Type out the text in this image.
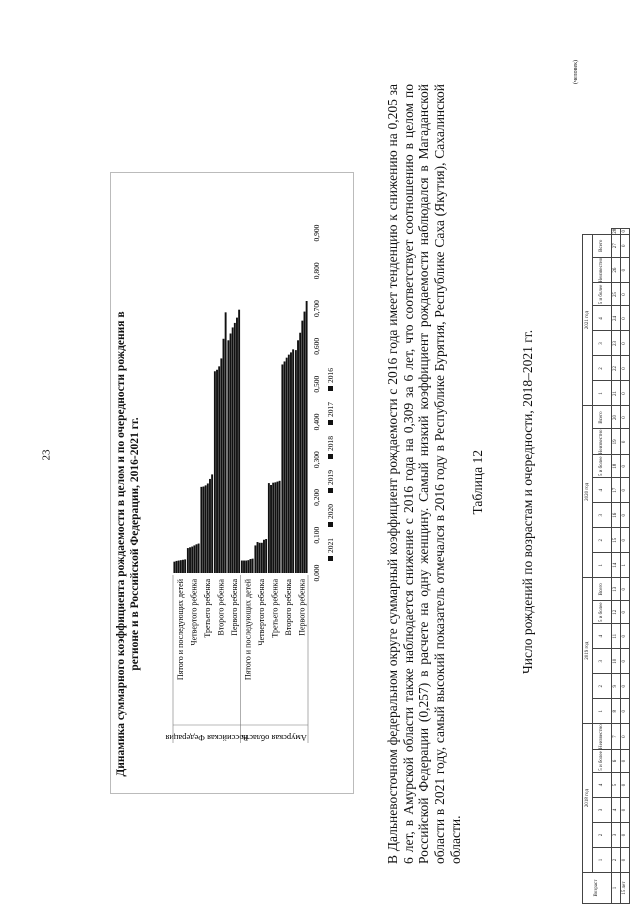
23
Российская Федерация
Амурская область
Пятого и последующих детей Четвертого ребенка Третьего ребенка Второго ребенка Первого ребенка Пятого и последующих детей Четвертого ребенка Третьего ребенка Второго ребенка Первого ребенка
0,000
0,100
0,200
0,300
0,400
0,500
0,600
0,700
0,800
0,900
2021
2020
2019
2018
2017
2016
Динамика суммарного коэффициента рождаемости в целом и по очередности рождения в регионе и в Российской Федерации, 2016-2021 гг.	В Дальневосточном федеральном округе суммарный коэффициент рождаемости с 2016 года имеет тенденцию к снижению на 0,205 за 6 лет, в Амурской области также наблюдается снижение с 2016 года на 0,309 за 6 лет, что соответствует соотношению в целом по Российской Федерации (0,257) в расчете на одну женщину. Самый низкий коэффициент рождаемости наблюдался в Магаданской области в 2021 году, самый высокий показатель отмечался в 2016 году в Республике Бурятия, Республике Саха (Якутия), Сахалинской области.
Таблица 12	Число рождений по возрастам и очередности, 2018–2021 гг.
(человек)
Возраст	2018 год						2019 год						2020 год							2021 год							
	1	2	3	4	5 и более	Неизвестно	1	2	3	4	5 и более	Всего	1	2	3	4	5 и более	Неизвестно	Всего	1	2	3	4	5 и более	Неизвестно	Всего	
1	2	3	4	5	6	7	8	9	10	11	12	13	14	15	16	17	18	19	20	21	22	23	24	25	26	27	28
15 лет	0	0	0	0	0	0	0	0	0	0	0	0	1	0	0	0	0	0	0	0	0	0	0	0	0	0	0
